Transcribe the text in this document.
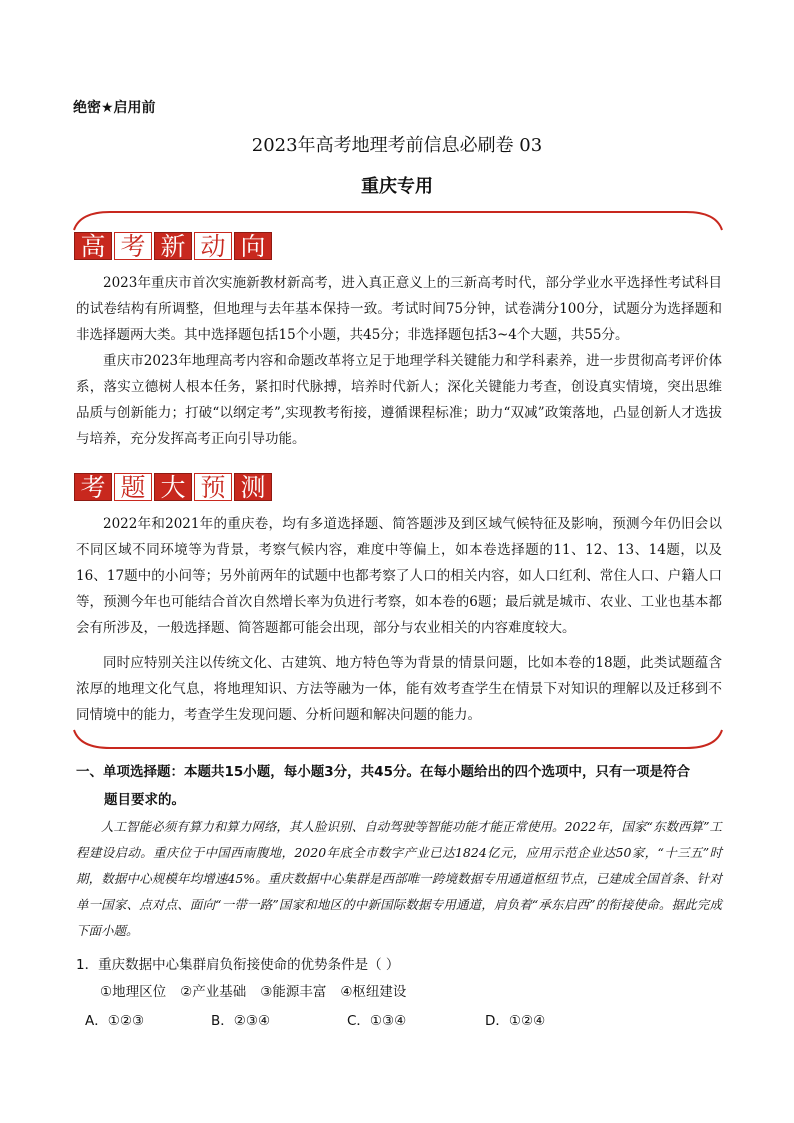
绝密★启用前
2023年高考地理考前信息必刷卷 03
重庆专用
高 考 新 动 向

2023年重庆市首次实施新教材新高考，进入真正意义上的三新高考时代，部分学业水平选择性考试科目的试卷结构有所调整，但地理与去年基本保持一致。考试时间75分钟，试卷满分100分，试题分为选择题和非选择题两大类。其中选择题包括15个小题，共45分；非选择题包括3~4个大题，共55分。

重庆市2023年地理高考内容和命题改革将立足于地理学科关键能力和学科素养，进一步贯彻高考评价体系，落实立德树人根本任务，紧扣时代脉搏，培养时代新人；深化关键能力考查，创设真实情境，突出思维品质与创新能力；打破“以纲定考”,实现教考衔接，遵循课程标准；助力“双减”政策落地，凸显创新人才选拔与培养，充分发挥高考正向引导功能。

考 题 大 预 测

2022年和2021年的重庆卷，均有多道选择题、简答题涉及到区域气候特征及影响，预测今年仍旧会以不同区域不同环境等为背景，考察气候内容，难度中等偏上，如本卷选择题的11、12、13、14题，以及16、17题中的小问等；另外前两年的试题中也都考察了人口的相关内容，如人口红利、常住人口、户籍人口等，预测今年也可能结合首次自然增长率为负进行考察，如本卷的6题；最后就是城市、农业、工业也基本都会有所涉及，一般选择题、简答题都可能会出现，部分与农业相关的内容难度较大。

同时应特别关注以传统文化、古建筑、地方特色等为背景的情景问题，比如本卷的18题，此类试题蕴含浓厚的地理文化气息，将地理知识、方法等融为一体，能有效考查学生在情景下对知识的理解以及迁移到不同情境中的能力，考查学生发现问题、分析问题和解决问题的能力。

一、单项选择题：本题共15小题，每小题3分，共45分。在每小题给出的四个选项中，只有一项是符合
题目要求的。

人工智能必须有算力和算力网络，其人脸识别、自动驾驶等智能功能才能正常使用。2022年，国家“东数西算”工程建设启动。重庆位于中国西南腹地，2020年底全市数字产业已达1824亿元，应用示范企业达50家，“十三五”时期，数据中心规模年均增速45%。重庆数据中心集群是西部唯一跨境数据专用通道枢纽节点，已建成全国首条、针对单一国家、点对点、面向“一带一路”国家和地区的中新国际数据专用通道，肩负着“承东启西”的衔接使命。据此完成下面小题。

1．重庆数据中心集群肩负衔接使命的优势条件是（ ）
①地理区位 ②产业基础 ③能源丰富 ④枢纽建设
A．①②③	B．②③④	C．①③④	D．①②④
